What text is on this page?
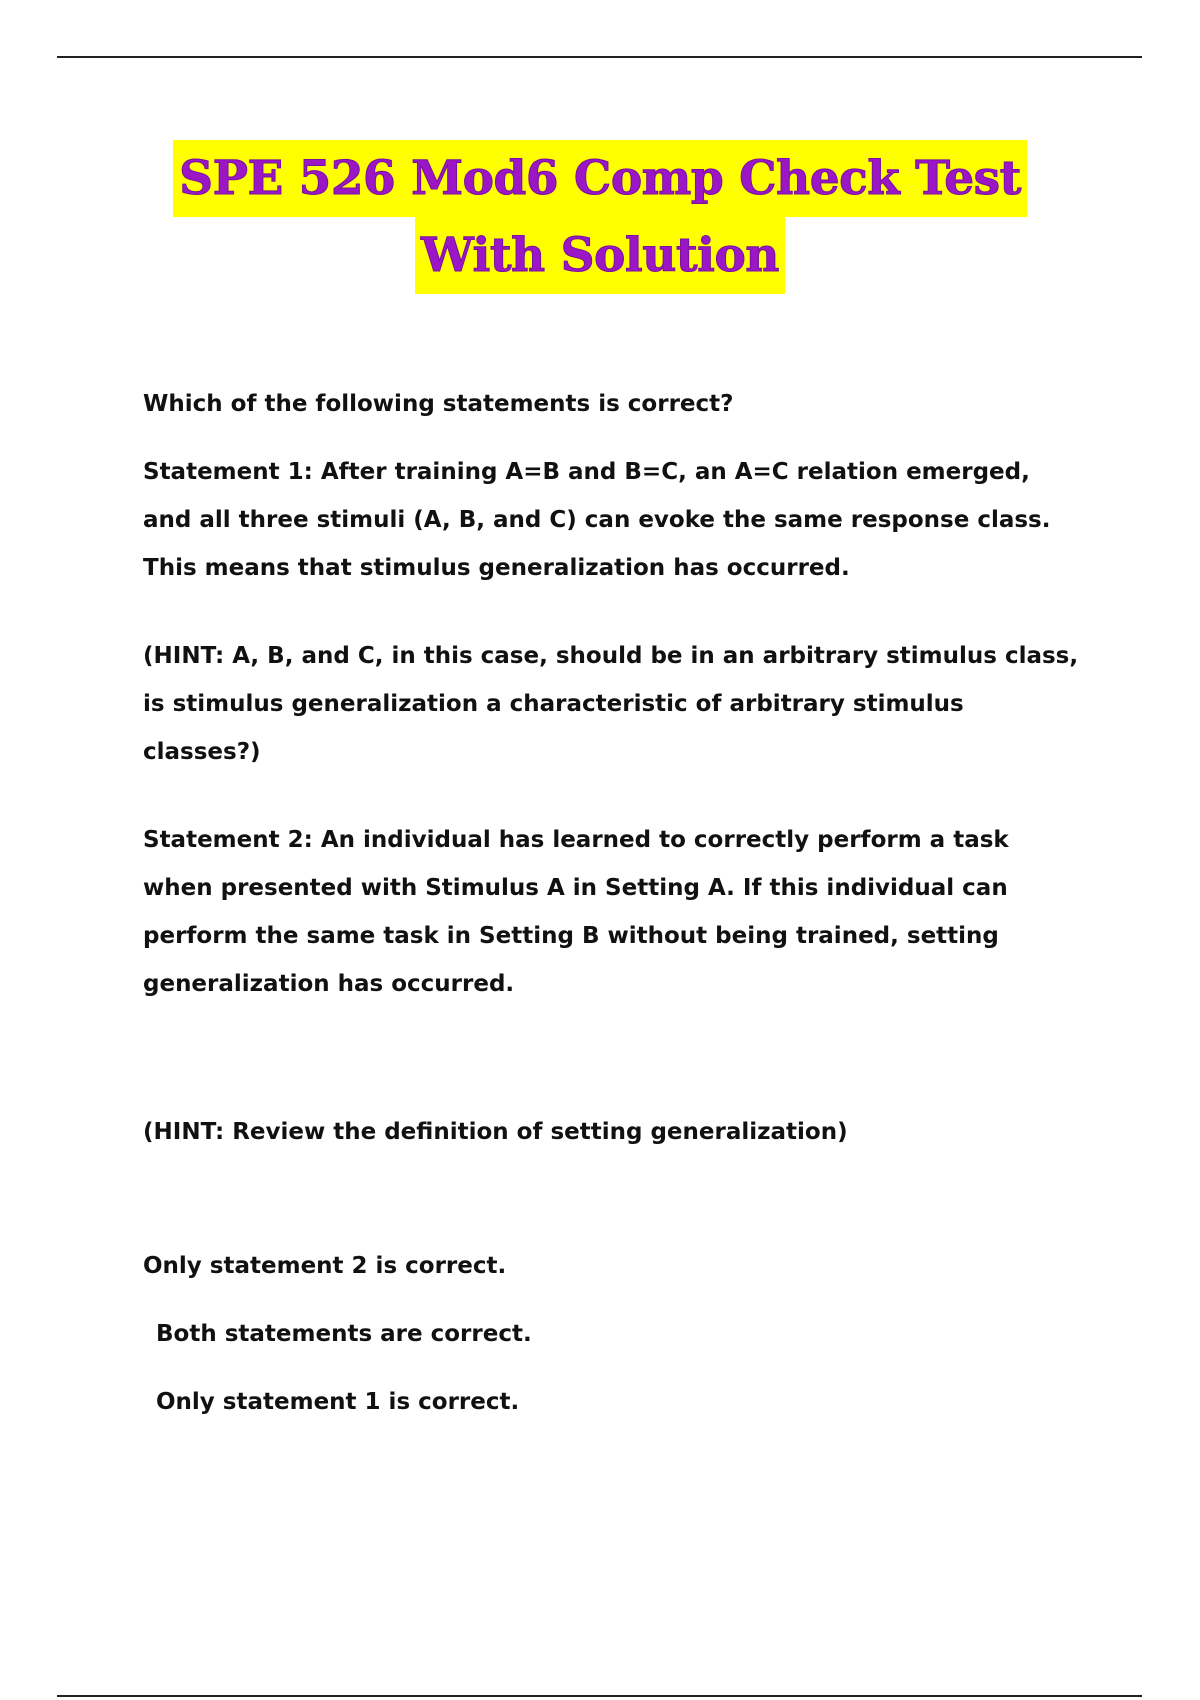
SPE 526 Mod6 Comp Check Test
With Solution

Which of the following statements is correct?

Statement 1: After training A=B and B=C, an A=C relation emerged, and all three stimuli (A, B, and C) can evoke the same response class. This means that stimulus generalization has occurred.

(HINT: A, B, and C, in this case, should be in an arbitrary stimulus class, is stimulus generalization a characteristic of arbitrary stimulus classes?)

Statement 2: An individual has learned to correctly perform a task when presented with Stimulus A in Setting A. If this individual can perform the same task in Setting B without being trained, setting generalization has occurred.

(HINT: Review the definition of setting generalization)

Only statement 2 is correct.

Both statements are correct.

Only statement 1 is correct.
